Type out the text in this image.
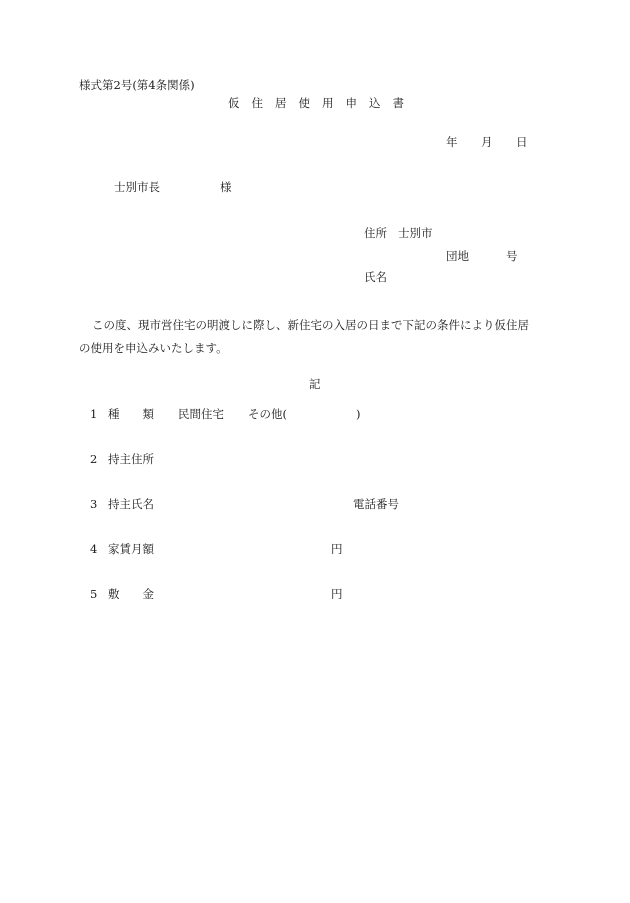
様式第2号(第4条関係)
仮 住 居 使 用 申 込 書
年 月 日
士別市長	様
住所 士別市
団地	号
氏名
この度、現市営住宅の明渡しに際し、新住宅の入居の日まで下記の条件により仮住居
の使用を申込みいたします。
記
1 種　　類 民間住宅 その他(	)
2 持主住所
3 持主氏名	電話番号
4 家賃月額	円
5 敷　　金	円
